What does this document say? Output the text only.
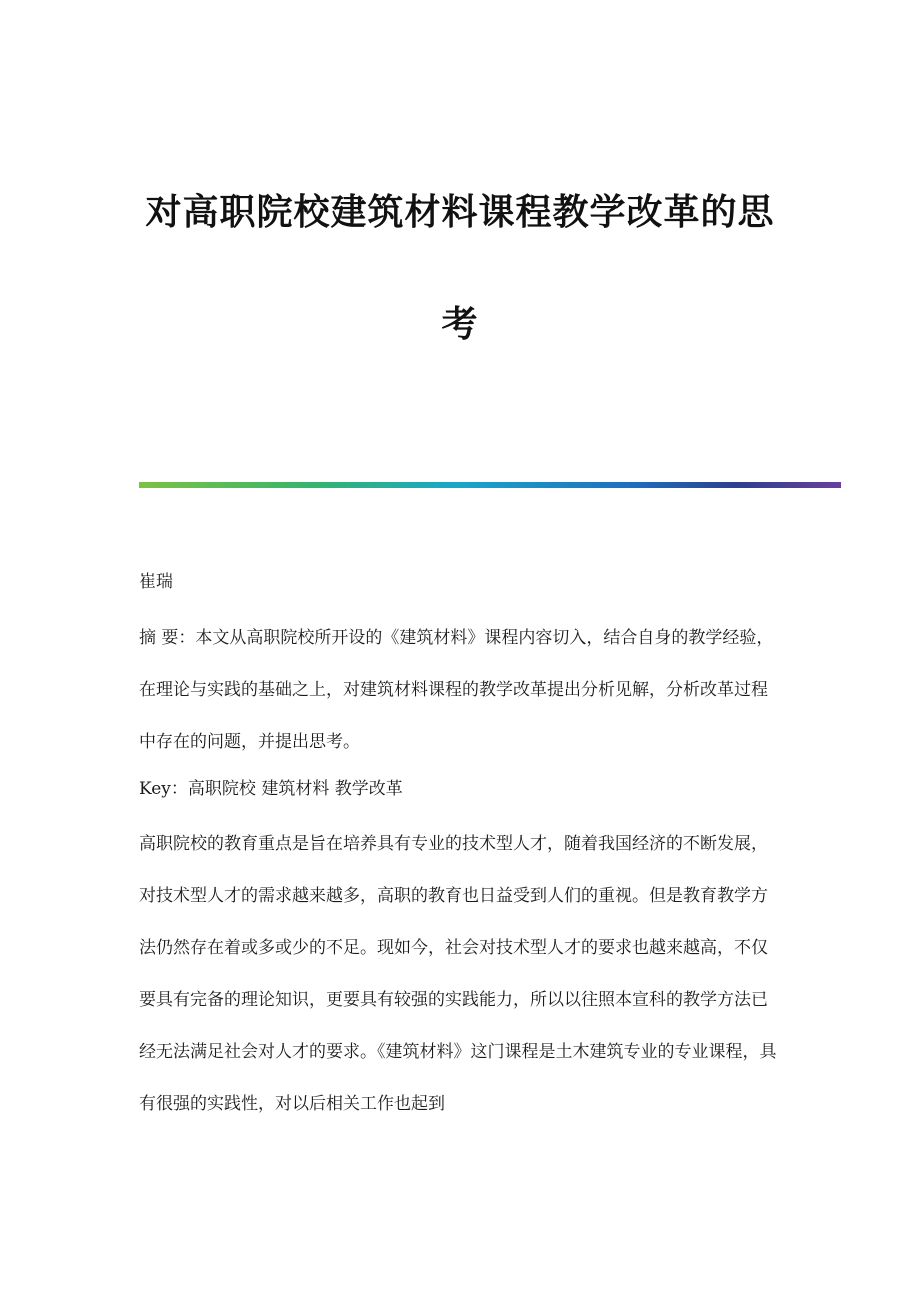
对高职院校建筑材料课程教学改革的思
考
崔瑞
摘 要：本文从高职院校所开设的《建筑材料》课程内容切入，结合自身的教学经验，在理论与实践的基础之上，对建筑材料课程的教学改革提出分析见解，分析改革过程中存在的问题，并提出思考。
Key：高职院校 建筑材料 教学改革
高职院校的教育重点是旨在培养具有专业的技术型人才，随着我国经济的不断发展，对技术型人才的需求越来越多，高职的教育也日益受到人们的重视。但是教育教学方法仍然存在着或多或少的不足。现如今，社会对技术型人才的要求也越来越高，不仅要具有完备的理论知识，更要具有较强的实践能力，所以以往照本宣科的教学方法已经无法满足社会对人才的要求。《建筑材料》这门课程是土木建筑专业的专业课程，具有很强的实践性，对以后相关工作也起到
